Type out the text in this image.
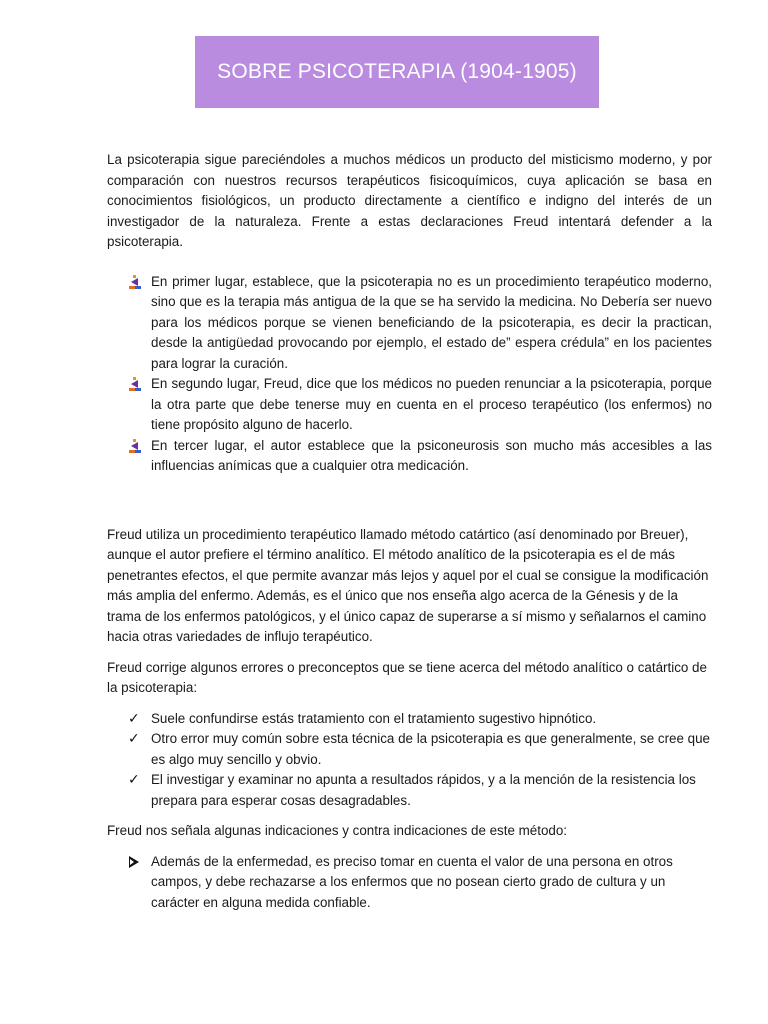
SOBRE PSICOTERAPIA (1904-1905)

La psicoterapia sigue pareciéndoles a muchos médicos un producto del misticismo moderno, y por comparación con nuestros recursos terapéuticos fisicoquímicos, cuya aplicación se basa en conocimientos fisiológicos, un producto directamente a científico e indigno del interés de un investigador de la naturaleza. Frente a estas declaraciones Freud intentará defender a la psicoterapia.

En primer lugar, establece, que la psicoterapia no es un procedimiento terapéutico moderno, sino que es la terapia más antigua de la que se ha servido la medicina. No Debería ser nuevo para los médicos porque se vienen beneficiando de la psicoterapia, es decir la practican, desde la antigüedad provocando por ejemplo, el estado de” espera crédula” en los pacientes para lograr la curación.
En segundo lugar, Freud, dice que los médicos no pueden renunciar a la psicoterapia, porque la otra parte que debe tenerse muy en cuenta en el proceso terapéutico (los enfermos) no tiene propósito alguno de hacerlo.
En tercer lugar, el autor establece que la psiconeurosis son mucho más accesibles a las influencias anímicas que a cualquier otra medicación.

Freud utiliza un procedimiento terapéutico llamado método catártico (así denominado por Breuer), aunque el autor prefiere el término analítico. El método analítico de la psicoterapia es el de más penetrantes efectos, el que permite avanzar más lejos y aquel por el cual se consigue la modificación más amplia del enfermo. Además, es el único que nos enseña algo acerca de la Génesis y de la trama de los enfermos patológicos, y el único capaz de superarse a sí mismo y señalarnos el camino hacia otras variedades de influjo terapéutico.

Freud corrige algunos errores o preconceptos que se tiene acerca del método analítico o catártico de la psicoterapia:

✓ Suele confundirse estás tratamiento con el tratamiento sugestivo hipnótico.
✓ Otro error muy común sobre esta técnica de la psicoterapia es que generalmente, se cree que es algo muy sencillo y obvio.
✓ El investigar y examinar no apunta a resultados rápidos, y a la mención de la resistencia los prepara para esperar cosas desagradables.

Freud nos señala algunas indicaciones y contra indicaciones de este método:

Además de la enfermedad, es preciso tomar en cuenta el valor de una persona en otros campos, y debe rechazarse a los enfermos que no posean cierto grado de cultura y un carácter en alguna medida confiable.
